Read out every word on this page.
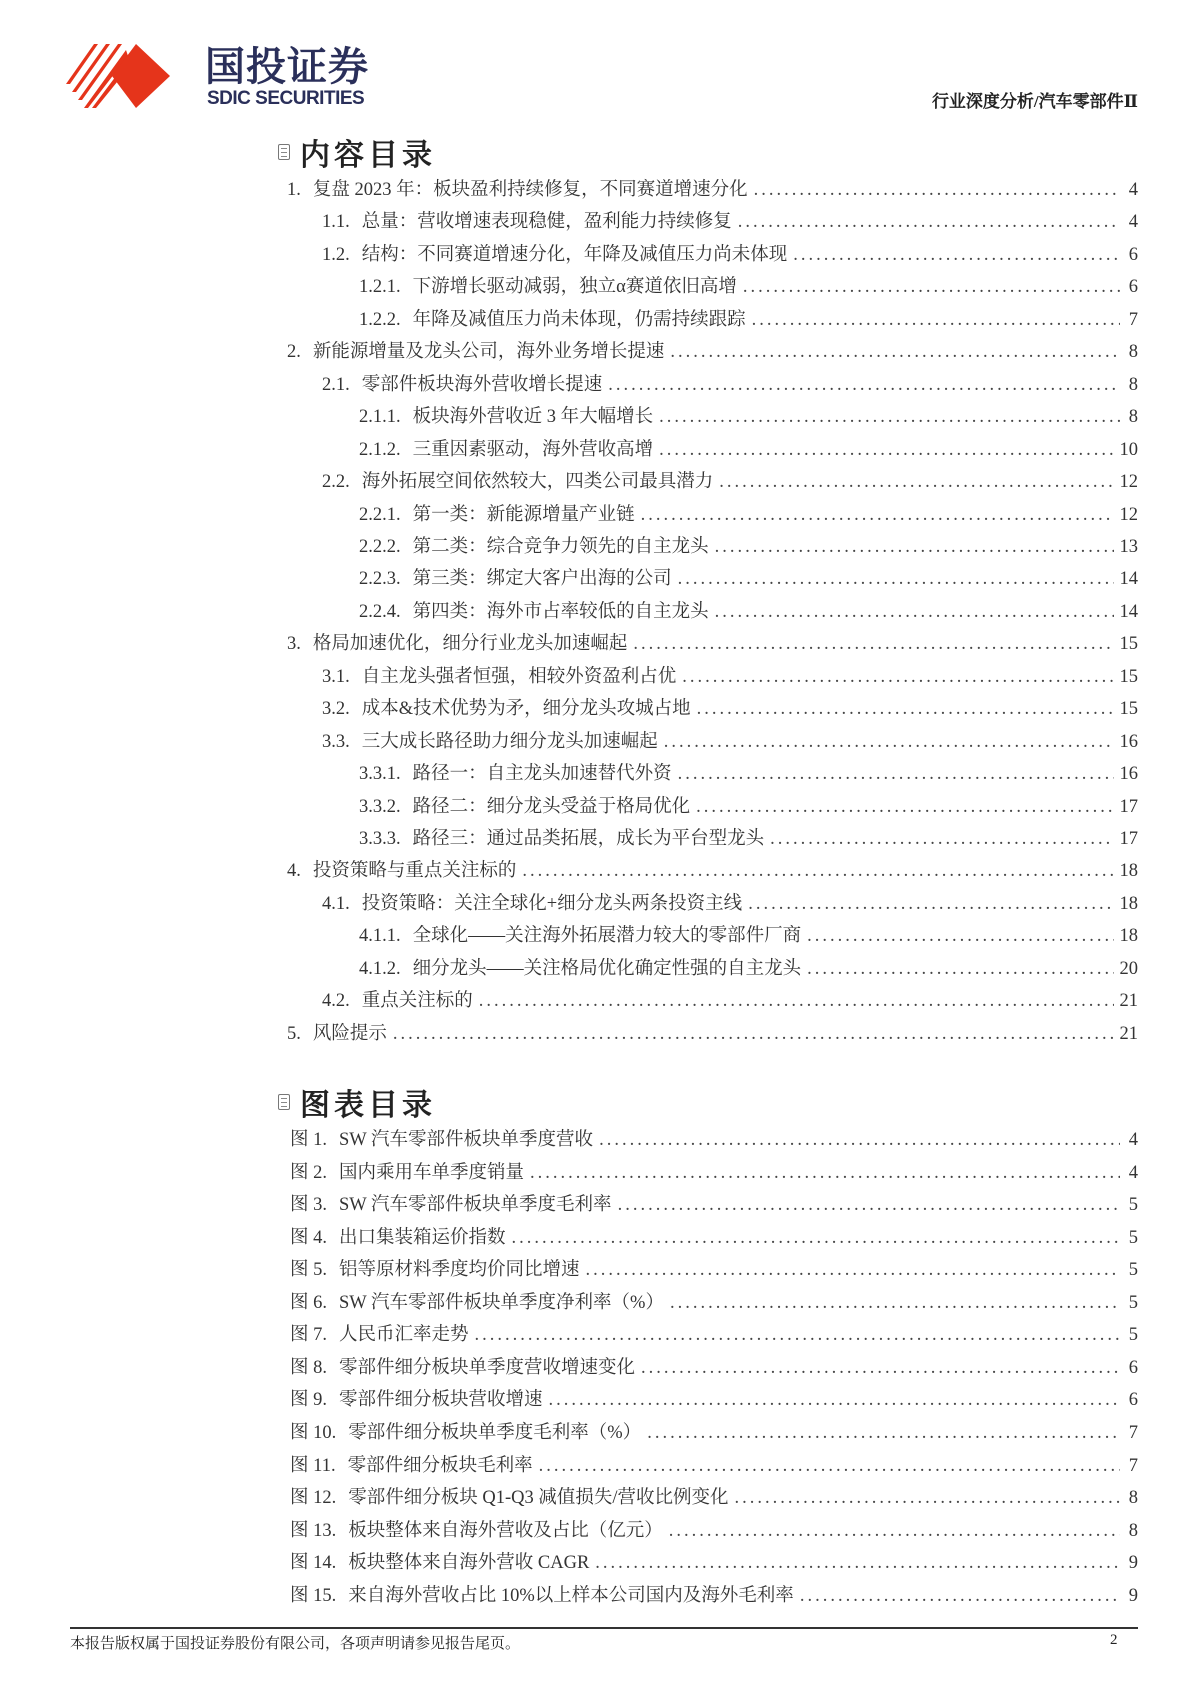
国投证券
SDIC SECURITIES	行业深度分析/汽车零部件Ⅱ
内容目录
1. 复盘 2023 年：板块盈利持续修复，不同赛道增速分化 .....	4
1.1. 总量：营收增速表现稳健，盈利能力持续修复 .....	4
1.2. 结构：不同赛道增速分化，年降及减值压力尚未体现 .....	6
1.2.1. 下游增长驱动减弱，独立α赛道依旧高增 .....	6
1.2.2. 年降及减值压力尚未体现，仍需持续跟踪 .....	7
2. 新能源增量及龙头公司，海外业务增长提速 .....	8
2.1. 零部件板块海外营收增长提速 .....	8
2.1.1. 板块海外营收近 3 年大幅增长 .....	8
2.1.2. 三重因素驱动，海外营收高增 .....	10
2.2. 海外拓展空间依然较大，四类公司最具潜力 .....	12
2.2.1. 第一类：新能源增量产业链 .....	12
2.2.2. 第二类：综合竞争力领先的自主龙头 .....	13
2.2.3. 第三类：绑定大客户出海的公司 .....	14
2.2.4. 第四类：海外市占率较低的自主龙头 .....	14
3. 格局加速优化，细分行业龙头加速崛起 .....	15
3.1. 自主龙头强者恒强，相较外资盈利占优 .....	15
3.2. 成本&技术优势为矛，细分龙头攻城占地 .....	15
3.3. 三大成长路径助力细分龙头加速崛起 .....	16
3.3.1. 路径一：自主龙头加速替代外资 .....	16
3.3.2. 路径二：细分龙头受益于格局优化 .....	17
3.3.3. 路径三：通过品类拓展，成长为平台型龙头 .....	17
4. 投资策略与重点关注标的 .....	18
4.1. 投资策略：关注全球化+细分龙头两条投资主线 .....	18
4.1.1. 全球化——关注海外拓展潜力较大的零部件厂商 .....	18
4.1.2. 细分龙头——关注格局优化确定性强的自主龙头 .....	20
4.2. 重点关注标的 .....	21
5. 风险提示 .....	21
图表目录
图 1. SW 汽车零部件板块单季度营收 .....	4
图 2. 国内乘用车单季度销量 .....	4
图 3. SW 汽车零部件板块单季度毛利率 .....	5
图 4. 出口集装箱运价指数 .....	5
图 5. 铝等原材料季度均价同比增速 .....	5
图 6. SW 汽车零部件板块单季度净利率（%） .....	5
图 7. 人民币汇率走势 .....	5
图 8. 零部件细分板块单季度营收增速变化 .....	6
图 9. 零部件细分板块营收增速 .....	6
图 10. 零部件细分板块单季度毛利率（%） .....	7
图 11. 零部件细分板块毛利率 .....	7
图 12. 零部件细分板块 Q1-Q3 减值损失/营收比例变化 .....	8
图 13. 板块整体来自海外营收及占比（亿元） .....	8
图 14. 板块整体来自海外营收 CAGR .....	9
图 15. 来自海外营收占比 10%以上样本公司国内及海外毛利率 .....	9
本报告版权属于国投证券股份有限公司，各项声明请参见报告尾页。	2
